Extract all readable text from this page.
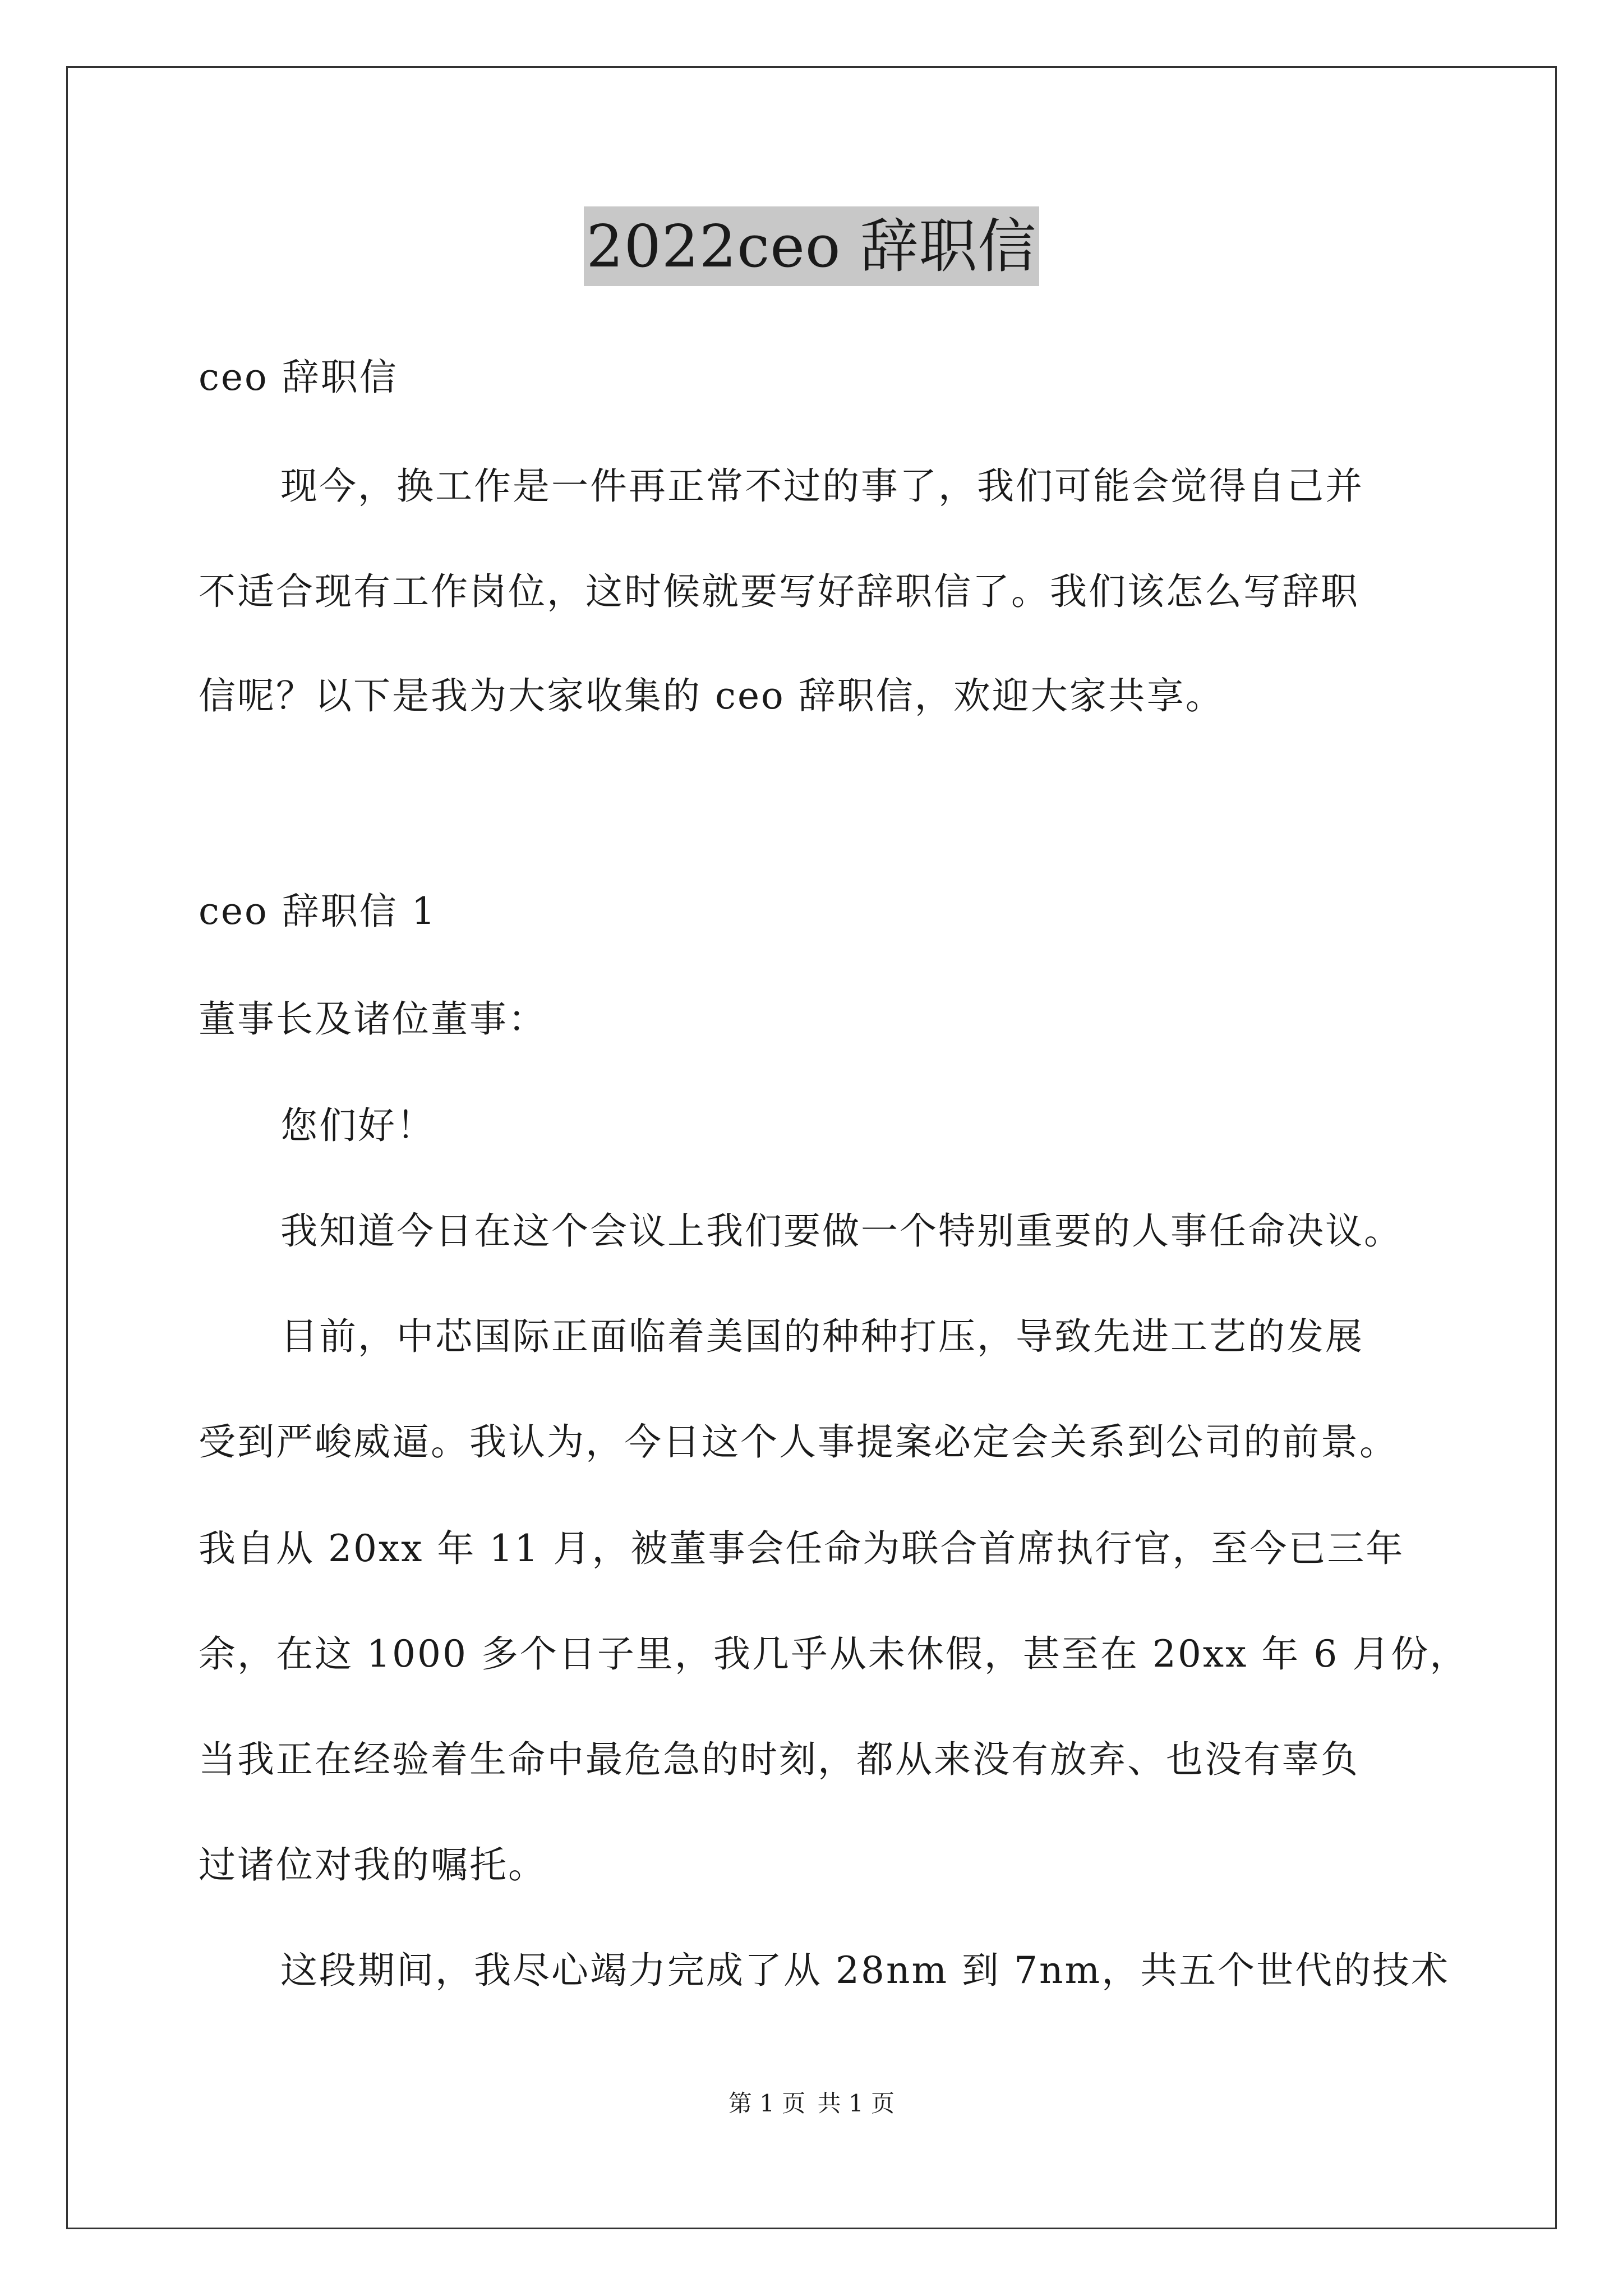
2022ceo 辞职信
ceo 辞职信
现今，换工作是一件再正常不过的事了，我们可能会觉得自己并
不适合现有工作岗位，这时候就要写好辞职信了。我们该怎么写辞职
信呢？以下是我为大家收集的 ceo 辞职信，欢迎大家共享。
ceo 辞职信 1
董事长及诸位董事：
您们好！
我知道今日在这个会议上我们要做一个特别重要的人事任命决议。
目前，中芯国际正面临着美国的种种打压，导致先进工艺的发展
受到严峻威逼。我认为，今日这个人事提案必定会关系到公司的前景。
我自从 20xx 年 11 月，被董事会任命为联合首席执行官，至今已三年
余，在这 1000 多个日子里，我几乎从未休假，甚至在 20xx 年 6 月份，
当我正在经验着生命中最危急的时刻，都从来没有放弃、也没有辜负
过诸位对我的嘱托。
这段期间，我尽心竭力完成了从 28nm 到 7nm，共五个世代的技术
第 1 页 共 1 页
